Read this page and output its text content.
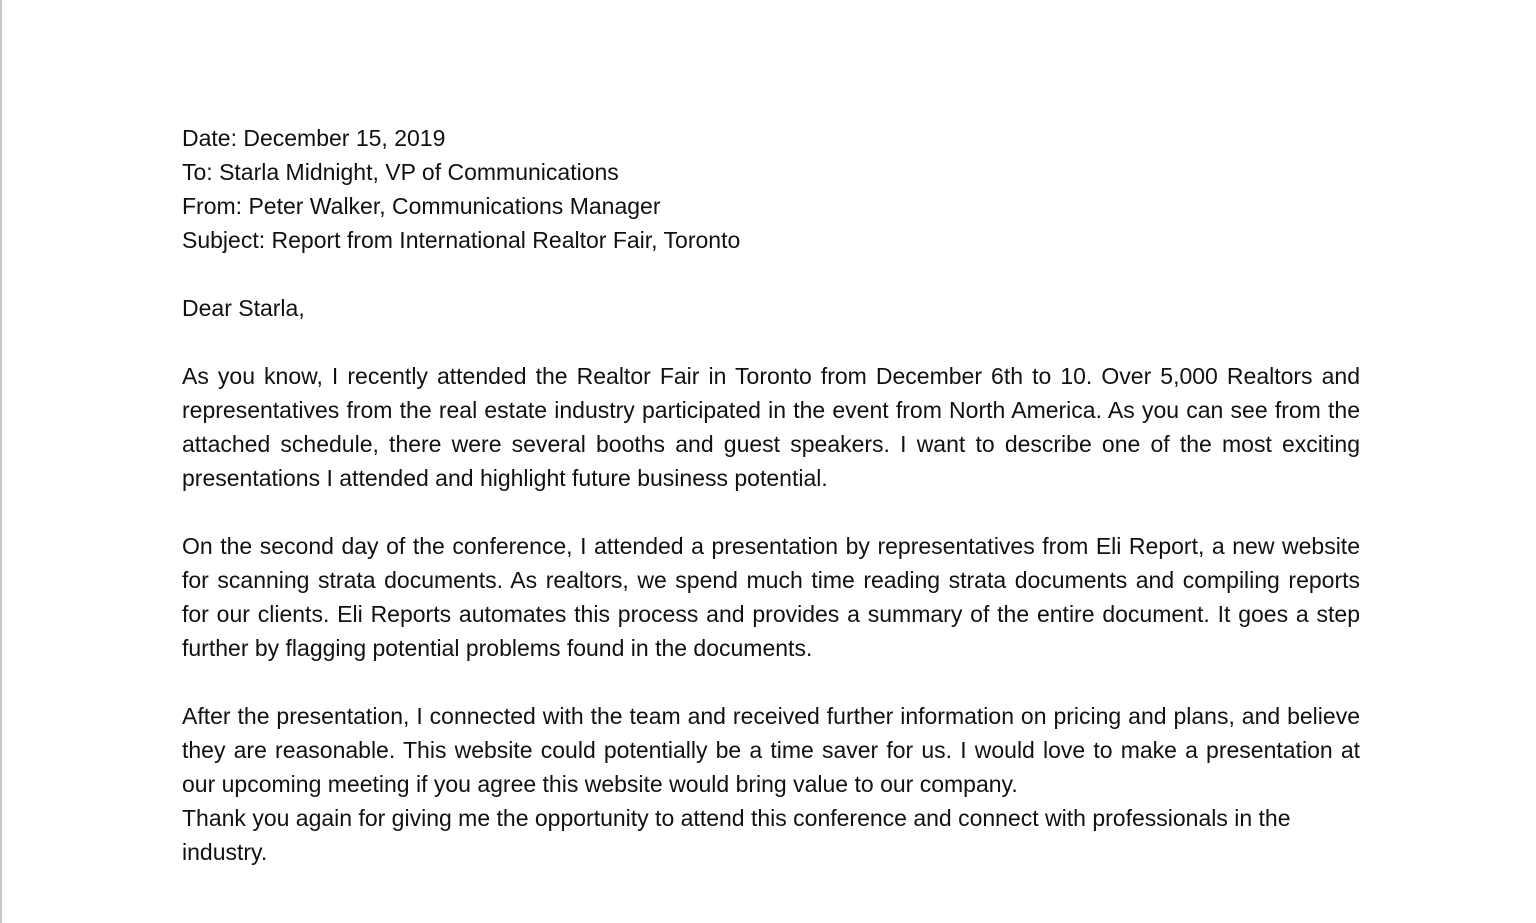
Date: December 15, 2019
To: Starla Midnight, VP of Communications
From: Peter Walker, Communications Manager
Subject: Report from International Realtor Fair, Toronto

Dear Starla,

As you know, I recently attended the Realtor Fair in Toronto from December 6th to 10. Over 5,000 Realtors and representatives from the real estate industry participated in the event from North America. As you can see from the attached schedule, there were several booths and guest speakers. I want to describe one of the most exciting presentations I attended and highlight future business potential.

On the second day of the conference, I attended a presentation by representatives from Eli Report, a new website for scanning strata documents. As realtors, we spend much time reading strata documents and compiling reports for our clients. Eli Reports automates this process and provides a summary of the entire document. It goes a step further by flagging potential problems found in the documents.

After the presentation, I connected with the team and received further information on pricing and plans, and believe they are reasonable. This website could potentially be a time saver for us. I would love to make a presentation at our upcoming meeting if you agree this website would bring value to our company.

Thank you again for giving me the opportunity to attend this conference and connect with professionals in the industry.
